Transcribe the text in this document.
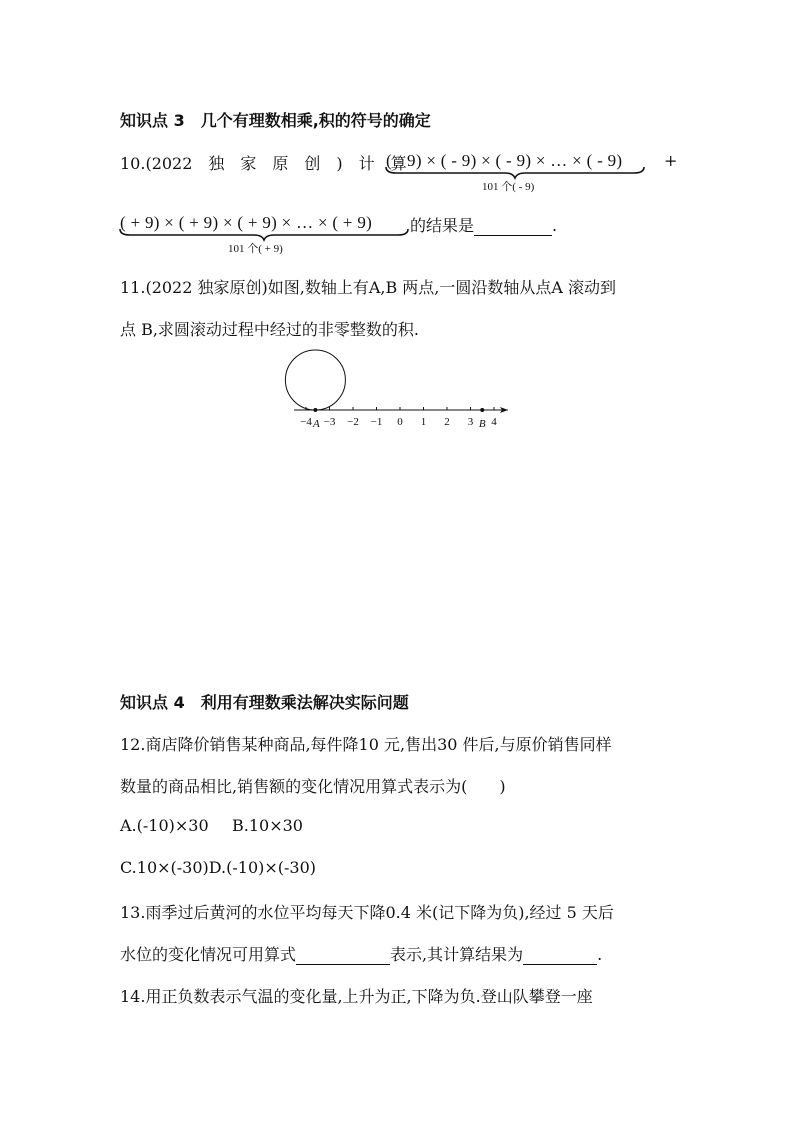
知识点 3　几个有理数相乘,积的符号的确定
10.(2022　独　家　原　创　)　计　算
( - 9) × ( - 9) × ( - 9) × … × ( - 9)
101 个( - 9)
+
( + 9) × ( + 9) × ( + 9) × … × ( + 9)
101 个( + 9)
的结果是	.
11.(2022 独家原创)如图,数轴上有A,B 两点,一圆沿数轴从点A 滚动到
点 B,求圆滚动过程中经过的非零整数的积.
−4 −3 −2 −1 0 1 2 3 4
A	B
知识点 4　利用有理数乘法解决实际问题
12.商店降价销售某种商品,每件降10 元,售出30 件后,与原价销售同样
数量的商品相比,销售额的变化情况用算式表示为(　　)
A.(-10)×30 B.10×30
C.10×(-30)D.(-10)×(-30)
13.雨季过后黄河的水位平均每天下降0.4 米(记下降为负),经过 5 天后
水位的变化情况可用算式	表示,其计算结果为	.
14.用正负数表示气温的变化量,上升为正,下降为负.登山队攀登一座
